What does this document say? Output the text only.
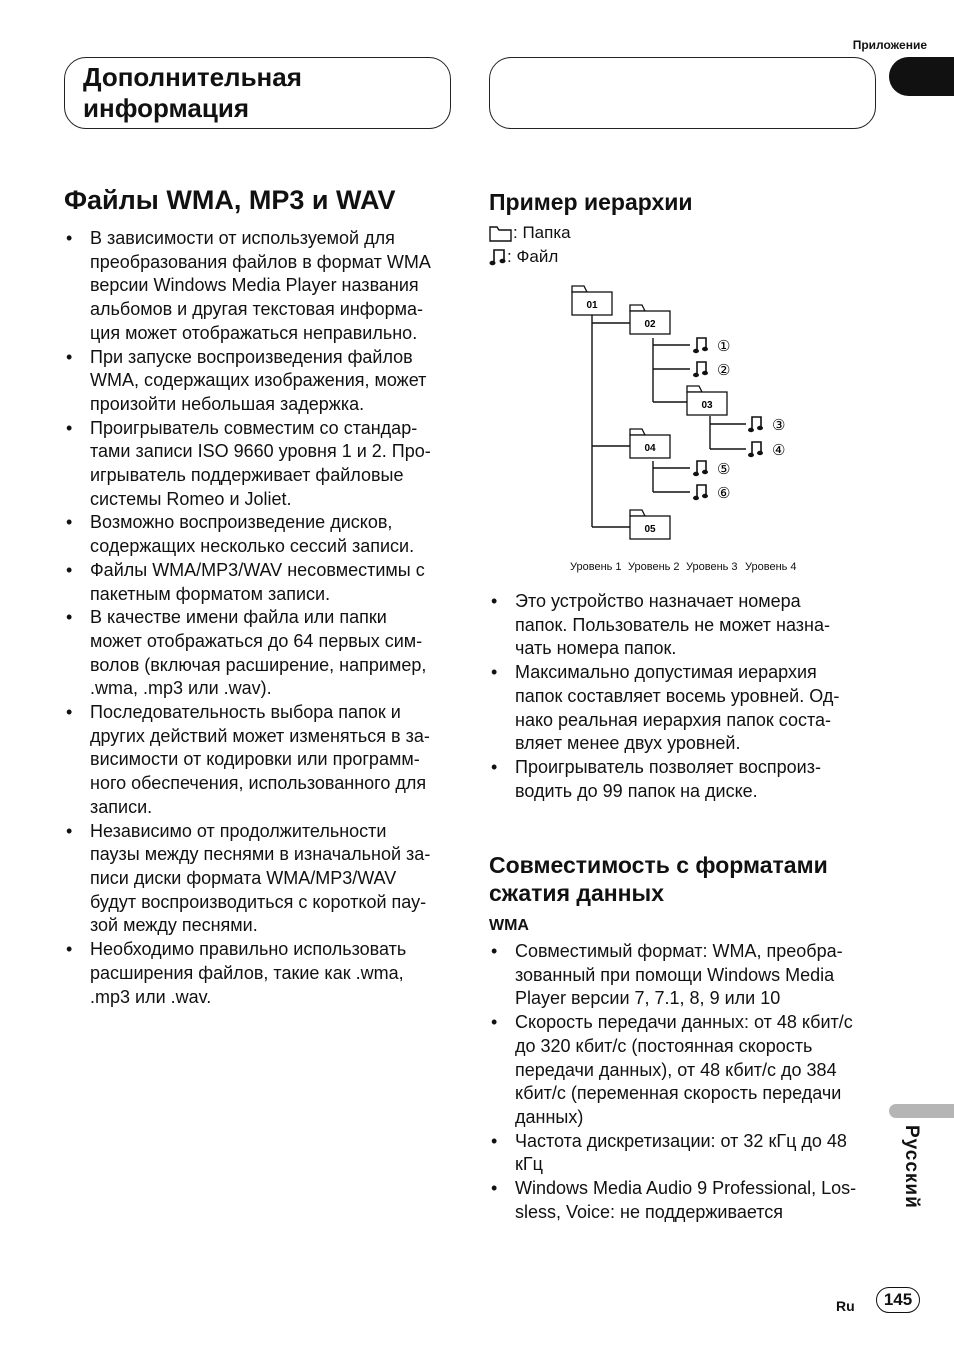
Приложение
Дополнительная
информация
Файлы WMA, MP3 и WAV
• В зависимости от используемой для
преобразования файлов в формат WMA
версии Windows Media Player названия
альбомов и другая текстовая информа-
ция может отображаться неправильно.
• При запуске воспроизведения файлов
WMA, содержащих изображения, может
произойти небольшая задержка.
• Проигрыватель совместим со стандар-
тами записи ISO 9660 уровня 1 и 2. Про-
игрыватель поддерживает файловые
системы Romeo и Joliet.
• Возможно воспроизведение дисков,
содержащих несколько сессий записи.
• Файлы WMA/MP3/WAV несовместимы с
пакетным форматом записи.
• В качестве имени файла или папки
может отображаться до 64 первых сим-
волов (включая расширение, например,
.wma, .mp3 или .wav).
• Последовательность выбора папок и
других действий может изменяться в за-
висимости от кодировки или программ-
ного обеспечения, использованного для
записи.
• Независимо от продолжительности
паузы между песнями в изначальной за-
писи диски формата WMA/MP3/WAV
будут воспроизводиться с короткой пау-
зой между песнями.
• Необходимо правильно использовать
расширения файлов, такие как .wma,
.mp3 или .wav.
Пример иерархии
: Папка
: Файл
01
02
03
04
05
①
②
③
④
⑤
⑥
Уровень 1 Уровень 2 Уровень 3 Уровень 4
• Это устройство назначает номера
папок. Пользователь не может назна-
чать номера папок.
• Максимально допустимая иерархия
папок составляет восемь уровней. Од-
нако реальная иерархия папок соста-
вляет менее двух уровней.
• Проигрыватель позволяет воспроиз-
водить до 99 папок на диске.
Совместимость с форматами
сжатия данных
WMA
• Совместимый формат: WMA, преобра-
зованный при помощи Windows Media
Player версии 7, 7.1, 8, 9 или 10
• Скорость передачи данных: от 48 кбит/с
до 320 кбит/с (постоянная скорость
передачи данных), от 48 кбит/с до 384
кбит/с (переменная скорость передачи
данных)
• Частота дискретизации: от 32 кГц до 48
кГц
• Windows Media Audio 9 Professional, Los-
sless, Voice: не поддерживается
Русский
Ru	145
